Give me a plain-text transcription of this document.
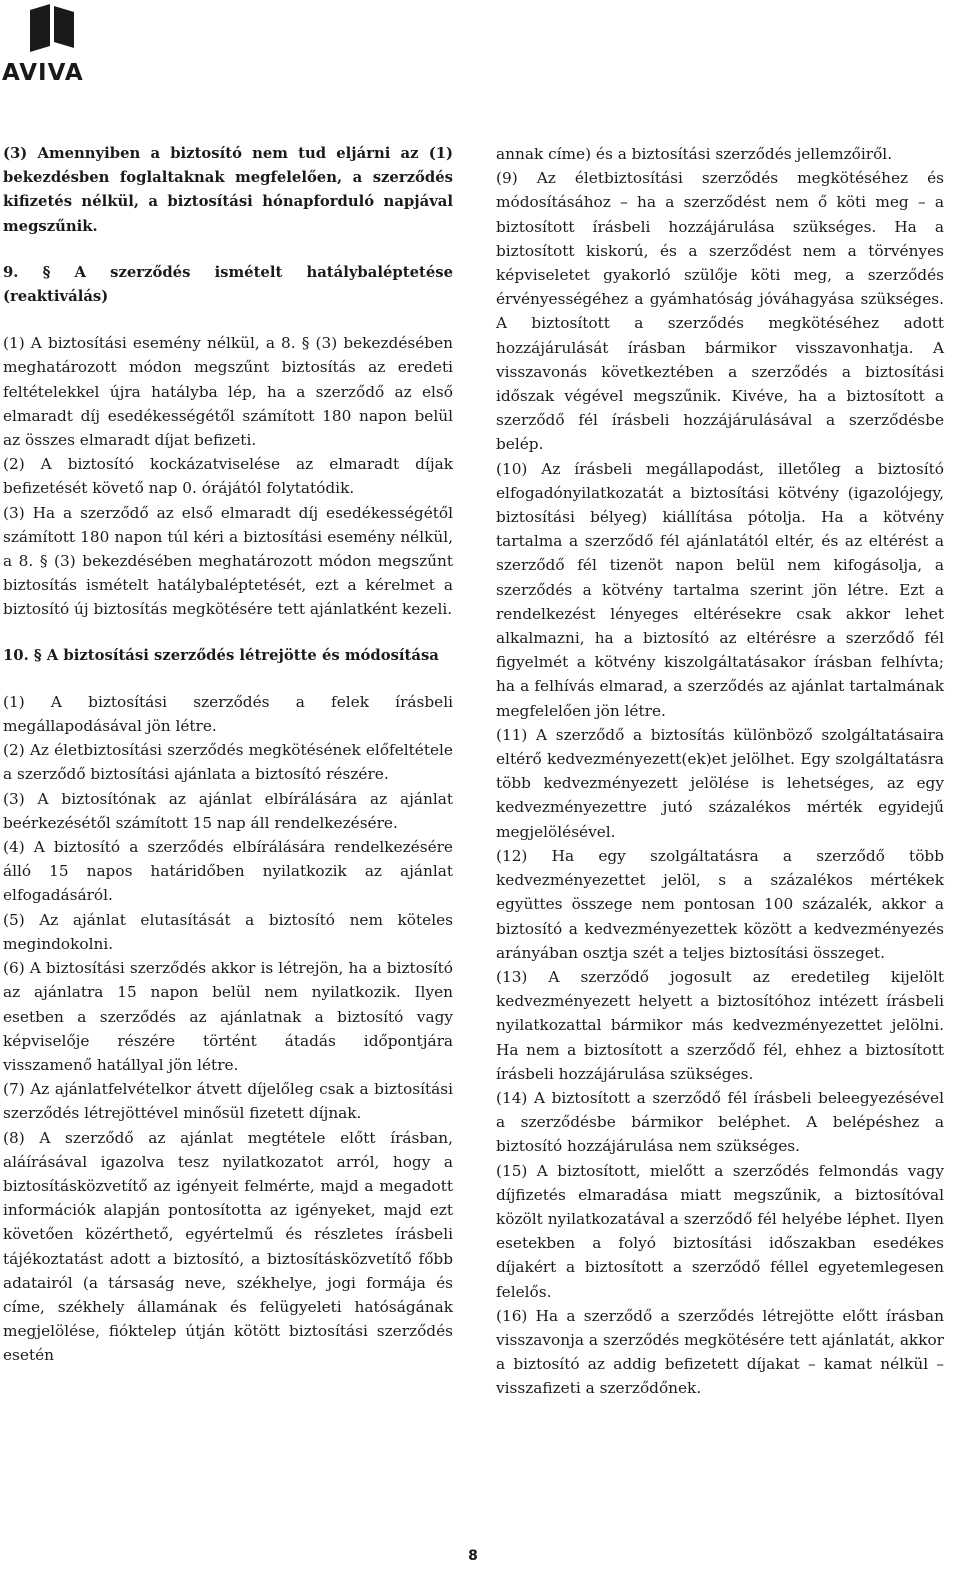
AVIVA

(3) Amennyiben a biztosító nem tud eljárni az (1) bekezdésben foglaltaknak megfelelően, a szerződés kifizetés nélkül, a biztosítási hónapforduló napjával megszűnik.

9. § A szerződés ismételt hatálybaléptetése (reaktiválás)

(1) A biztosítási esemény nélkül, a 8. § (3) bekezdésében meghatározott módon megszűnt biztosítás az eredeti feltételekkel újra hatályba lép, ha a szerződő az első elmaradt díj esedékességétől számított 180 napon belül az összes elmaradt díjat befizeti.

(2) A biztosító kockázatviselése az elmaradt díjak befizetését követő nap 0. órájától folytatódik.

(3) Ha a szerződő az első elmaradt díj esedékességétől számított 180 napon túl kéri a biztosítási esemény nélkül, a 8. § (3) bekezdésében meghatározott módon megszűnt biztosítás ismételt hatálybaléptetését, ezt a kérelmet a biztosító új biztosítás megkötésére tett ajánlatként kezeli.

10. § A biztosítási szerződés létrejötte és módosítása

(1) A biztosítási szerződés a felek írásbeli megállapodásával jön létre.

(2) Az életbiztosítási szerződés megkötésének előfeltétele a szerződő biztosítási ajánlata a biztosító részére.

(3) A biztosítónak az ajánlat elbírálására az ajánlat beérkezésétől számított 15 nap áll rendelkezésére.

(4) A biztosító a szerződés elbírálására rendelkezésére álló 15 napos határidőben nyilatkozik az ajánlat elfogadásáról.

(5) Az ajánlat elutasítását a biztosító nem köteles megindokolni.

(6) A biztosítási szerződés akkor is létrejön, ha a biztosító az ajánlatra 15 napon belül nem nyilatkozik. Ilyen esetben a szerződés az ajánlatnak a biztosító vagy képviselője részére történt átadás időpontjára visszamenő hatállyal jön létre.

(7) Az ajánlatfelvételkor átvett díjelőleg csak a biztosítási szerződés létrejöttével minősül fizetett díjnak.

(8) A szerződő az ajánlat megtétele előtt írásban, aláírásával igazolva tesz nyilatkozatot arról, hogy a biztosításközvetítő az igényeit felmérte, majd a megadott információk alapján pontosította az igényeket, majd ezt követően közérthető, egyértelmű és részletes írásbeli tájékoztatást adott a biztosító, a biztosításközvetítő főbb adatairól (a társaság neve, székhelye, jogi formája és címe, székhely államának és felügyeleti hatóságának megjelölése, fióktelep útján kötött biztosítási szerződés esetén

annak címe) és a biztosítási szerződés jellemzőiről.

(9) Az életbiztosítási szerződés megkötéséhez és módosításához – ha a szerződést nem ő köti meg – a biztosított írásbeli hozzájárulása szükséges. Ha a biztosított kiskorú, és a szerződést nem a törvényes képviseletet gyakorló szülője köti meg, a szerződés érvényességéhez a gyámhatóság jóváhagyása szükséges. A biztosított a szerződés megkötéséhez adott hozzájárulását írásban bármikor visszavonhatja. A visszavonás következtében a szerződés a biztosítási időszak végével megszűnik. Kivéve, ha a biztosított a szerződő fél írásbeli hozzájárulásával a szerződésbe belép.

(10) Az írásbeli megállapodást, illetőleg a biztosító elfogadónyilatkozatát a biztosítási kötvény (igazolójegy, biztosítási bélyeg) kiállítása pótolja. Ha a kötvény tartalma a szerződő fél ajánlatától eltér, és az eltérést a szerződő fél tizenöt napon belül nem kifogásolja, a szerződés a kötvény tartalma szerint jön létre. Ezt a rendelkezést lényeges eltérésekre csak akkor lehet alkalmazni, ha a biztosító az eltérésre a szerződő fél figyelmét a kötvény kiszolgáltatásakor írásban felhívta; ha a felhívás elmarad, a szerződés az ajánlat tartalmának megfelelően jön létre.

(11) A szerződő a biztosítás különböző szolgáltatásaira eltérő kedvezményezett(ek)et jelölhet. Egy szolgáltatásra több kedvezményezett jelölése is lehetséges, az egy kedvezményezettre jutó százalékos mérték egyidejű megjelölésével.

(12) Ha egy szolgáltatásra a szerződő több kedvezményezettet jelöl, s a százalékos mértékek együttes összege nem pontosan 100 százalék, akkor a biztosító a kedvezményezettek között a kedvezményezés arányában osztja szét a teljes biztosítási összeget.

(13) A szerződő jogosult az eredetileg kijelölt kedvezményezett helyett a biztosítóhoz intézett írásbeli nyilatkozattal bármikor más kedvezményezettet jelölni. Ha nem a biztosított a szerződő fél, ehhez a biztosított írásbeli hozzájárulása szükséges.

(14) A biztosított a szerződő fél írásbeli beleegyezésével a szerződésbe bármikor beléphet. A belépéshez a biztosító hozzájárulása nem szükséges.

(15) A biztosított, mielőtt a szerződés felmondás vagy díjfizetés elmaradása miatt megszűnik, a biztosítóval közölt nyilatkozatával a szerződő fél helyébe léphet. Ilyen esetekben a folyó biztosítási időszakban esedékes díjakért a biztosított a szerződő féllel egyetemlegesen felelős.

(16) Ha a szerződő a szerződés létrejötte előtt írásban visszavonja a szerződés megkötésére tett ajánlatát, akkor a biztosító az addig befizetett díjakat – kamat nélkül – visszafizeti a szerződőnek.

8
